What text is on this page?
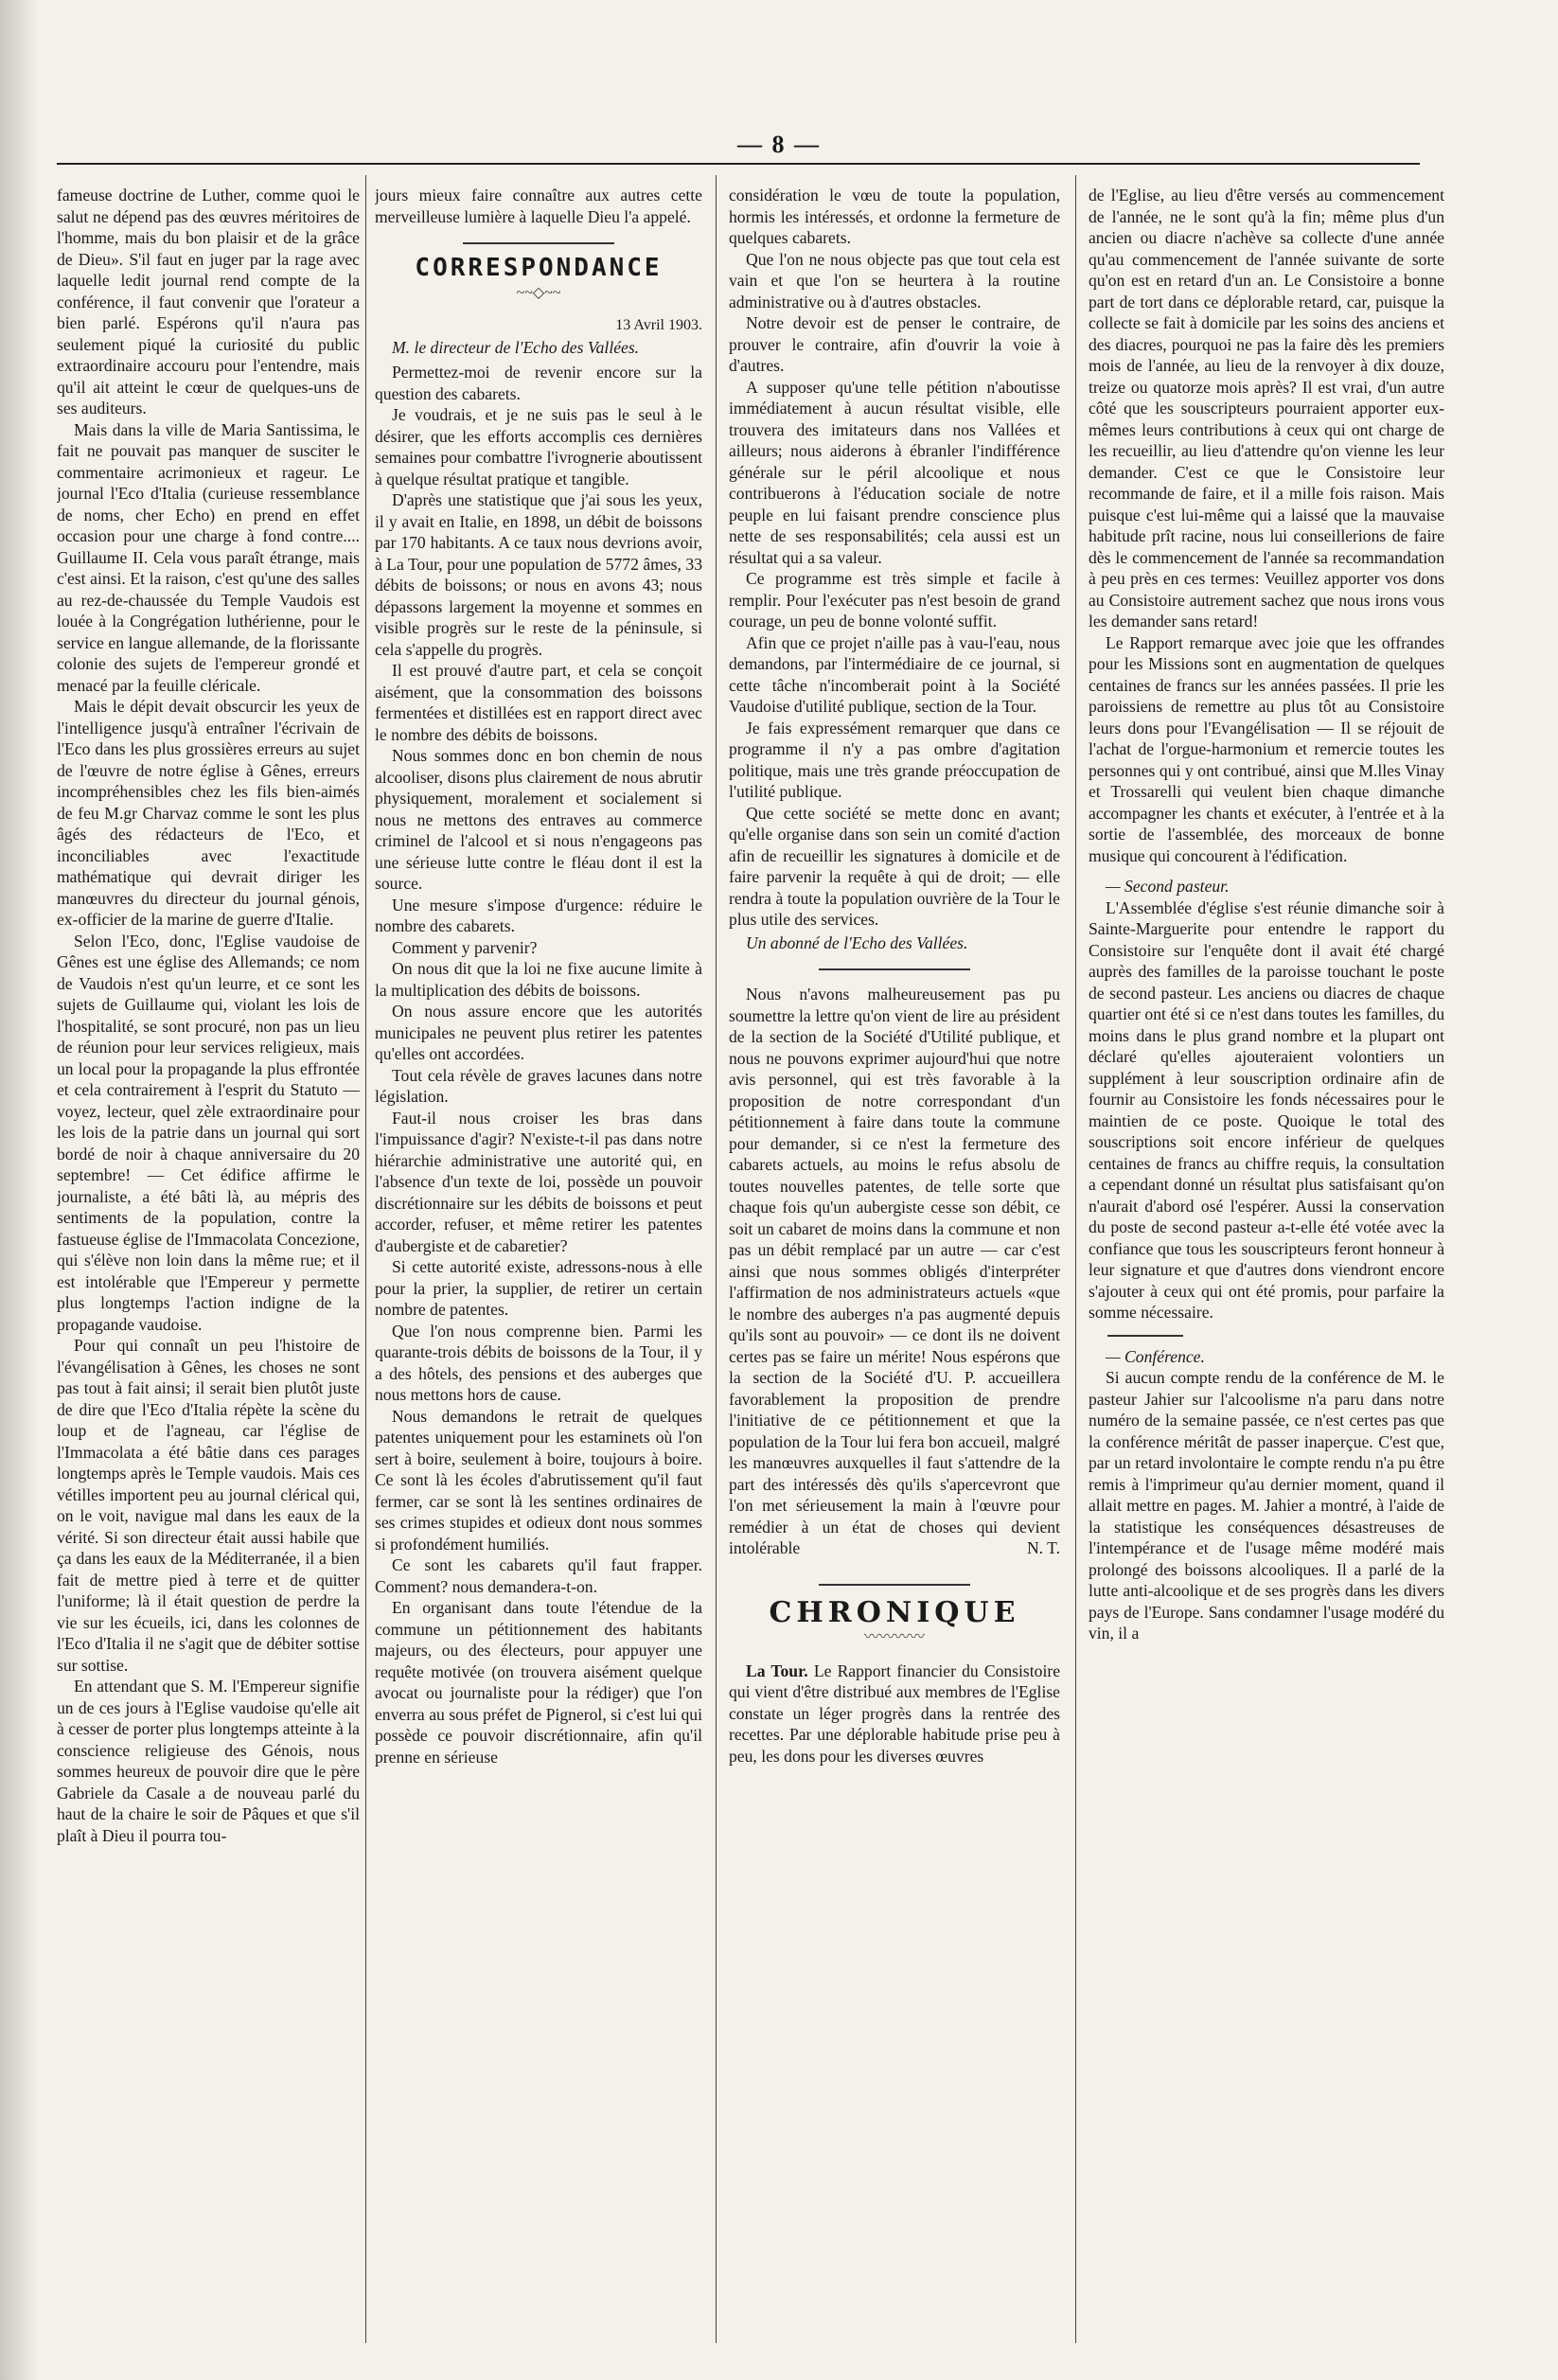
— 8 —

fameuse doctrine de Luther, comme quoi le salut ne dépend pas des œuvres méritoires de l'homme, mais du bon plaisir et de la grâce de Dieu». S'il faut en juger par la rage avec laquelle ledit journal rend compte de la conférence, il faut convenir que l'orateur a bien parlé. Espérons qu'il n'aura pas seulement piqué la curiosité du public extraordinaire accouru pour l'entendre, mais qu'il ait atteint le cœur de quelques-uns de ses auditeurs.

Mais dans la ville de Maria Santissima, le fait ne pouvait pas manquer de susciter le commentaire acrimonieux et rageur. Le journal l'Eco d'Italia (curieuse ressemblance de noms, cher Echo) en prend en effet occasion pour une charge à fond contre.... Guillaume II. Cela vous paraît étrange, mais c'est ainsi. Et la raison, c'est qu'une des salles au rez-de-chaussée du Temple Vaudois est louée à la Congrégation luthérienne, pour le service en langue allemande, de la florissante colonie des sujets de l'empereur grondé et menacé par la feuille cléricale.

Mais le dépit devait obscurcir les yeux de l'intelligence jusqu'à entraîner l'écrivain de l'Eco dans les plus grossières erreurs au sujet de l'œuvre de notre église à Gênes, erreurs incompréhensibles chez les fils bien-aimés de feu M.gr Charvaz comme le sont les plus âgés des rédacteurs de l'Eco, et inconciliables avec l'exactitude mathématique qui devrait diriger les manœuvres du directeur du journal génois, ex-officier de la marine de guerre d'Italie.

Selon l'Eco, donc, l'Eglise vaudoise de Gênes est une église des Allemands; ce nom de Vaudois n'est qu'un leurre, et ce sont les sujets de Guillaume qui, violant les lois de l'hospitalité, se sont procuré, non pas un lieu de réunion pour leur services religieux, mais un local pour la propagande la plus effrontée et cela contrairement à l'esprit du Statuto — voyez, lecteur, quel zèle extraordinaire pour les lois de la patrie dans un journal qui sort bordé de noir à chaque anniversaire du 20 septembre! — Cet édifice affirme le journaliste, a été bâti là, au mépris des sentiments de la population, contre la fastueuse église de l'Immacolata Concezione, qui s'élève non loin dans la même rue; et il est intolérable que l'Empereur y permette plus longtemps l'action indigne de la propagande vaudoise.

Pour qui connaît un peu l'histoire de l'évangélisation à Gênes, les choses ne sont pas tout à fait ainsi; il serait bien plutôt juste de dire que l'Eco d'Italia répète la scène du loup et de l'agneau, car l'église de l'Immacolata a été bâtie dans ces parages longtemps après le Temple vaudois. Mais ces vétilles importent peu au journal clérical qui, on le voit, navigue mal dans les eaux de la vérité. Si son directeur était aussi habile que ça dans les eaux de la Méditerranée, il a bien fait de mettre pied à terre et de quitter l'uniforme; là il était question de perdre la vie sur les écueils, ici, dans les colonnes de l'Eco d'Italia il ne s'agit que de débiter sottise sur sottise.

En attendant que S. M. l'Empereur signifie un de ces jours à l'Eglise vaudoise qu'elle ait à cesser de porter plus longtemps atteinte à la conscience religieuse des Génois, nous sommes heureux de pouvoir dire que le père Gabriele da Casale a de nouveau parlé du haut de la chaire le soir de Pâques et que s'il plaît à Dieu il pourra tou-

jours mieux faire connaître aux autres cette merveilleuse lumière à laquelle Dieu l'a appelé.

CORRESPONDANCE
~~◇~~

13 Avril 1903.

M. le directeur de l'Echo des Vallées.

Permettez-moi de revenir encore sur la question des cabarets.

Je voudrais, et je ne suis pas le seul à le désirer, que les efforts accomplis ces dernières semaines pour combattre l'ivrognerie aboutissent à quelque résultat pratique et tangible.

D'après une statistique que j'ai sous les yeux, il y avait en Italie, en 1898, un débit de boissons par 170 habitants. A ce taux nous devrions avoir, à La Tour, pour une population de 5772 âmes, 33 débits de boissons; or nous en avons 43; nous dépassons largement la moyenne et sommes en visible progrès sur le reste de la péninsule, si cela s'appelle du progrès.

Il est prouvé d'autre part, et cela se conçoit aisément, que la consommation des boissons fermentées et distillées est en rapport direct avec le nombre des débits de boissons.

Nous sommes donc en bon chemin de nous alcooliser, disons plus clairement de nous abrutir physiquement, moralement et socialement si nous ne mettons des entraves au commerce criminel de l'alcool et si nous n'engageons pas une sérieuse lutte contre le fléau dont il est la source.

Une mesure s'impose d'urgence: réduire le nombre des cabarets.

Comment y parvenir?

On nous dit que la loi ne fixe aucune limite à la multiplication des débits de boissons.

On nous assure encore que les autorités municipales ne peuvent plus retirer les patentes qu'elles ont accordées.

Tout cela révèle de graves lacunes dans notre législation.

Faut-il nous croiser les bras dans l'impuissance d'agir? N'existe-t-il pas dans notre hiérarchie administrative une autorité qui, en l'absence d'un texte de loi, possède un pouvoir discrétionnaire sur les débits de boissons et peut accorder, refuser, et même retirer les patentes d'aubergiste et de cabaretier?

Si cette autorité existe, adressons-nous à elle pour la prier, la supplier, de retirer un certain nombre de patentes.

Que l'on nous comprenne bien. Parmi les quarante-trois débits de boissons de la Tour, il y a des hôtels, des pensions et des auberges que nous mettons hors de cause.

Nous demandons le retrait de quelques patentes uniquement pour les estaminets où l'on sert à boire, seulement à boire, toujours à boire. Ce sont là les écoles d'abrutissement qu'il faut fermer, car se sont là les sentines ordinaires de ses crimes stupides et odieux dont nous sommes si profondément humiliés.

Ce sont les cabarets qu'il faut frapper. Comment? nous demandera-t-on.

En organisant dans toute l'étendue de la commune un pétitionnement des habitants majeurs, ou des électeurs, pour appuyer une requête motivée (on trouvera aisément quelque avocat ou journaliste pour la rédiger) que l'on enverra au sous préfet de Pignerol, si c'est lui qui possède ce pouvoir discrétionnaire, afin qu'il prenne en sérieuse

considération le vœu de toute la population, hormis les intéressés, et ordonne la fermeture de quelques cabarets.

Que l'on ne nous objecte pas que tout cela est vain et que l'on se heurtera à la routine administrative ou à d'autres obstacles.

Notre devoir est de penser le contraire, de prouver le contraire, afin d'ouvrir la voie à d'autres.

A supposer qu'une telle pétition n'aboutisse immédiatement à aucun résultat visible, elle trouvera des imitateurs dans nos Vallées et ailleurs; nous aiderons à ébranler l'indifférence générale sur le péril alcoolique et nous contribuerons à l'éducation sociale de notre peuple en lui faisant prendre conscience plus nette de ses responsabilités; cela aussi est un résultat qui a sa valeur.

Ce programme est très simple et facile à remplir. Pour l'exécuter pas n'est besoin de grand courage, un peu de bonne volonté suffit.

Afin que ce projet n'aille pas à vau-l'eau, nous demandons, par l'intermédiaire de ce journal, si cette tâche n'incomberait point à la Société Vaudoise d'utilité publique, section de la Tour.

Je fais expressément remarquer que dans ce programme il n'y a pas ombre d'agitation politique, mais une très grande préoccupation de l'utilité publique.

Que cette société se mette donc en avant; qu'elle organise dans son sein un comité d'action afin de recueillir les signatures à domicile et de faire parvenir la requête à qui de droit; — elle rendra à toute la population ouvrière de la Tour le plus utile des services.

Un abonné de l'Echo des Vallées.

Nous n'avons malheureusement pas pu soumettre la lettre qu'on vient de lire au président de la section de la Société d'Utilité publique, et nous ne pouvons exprimer aujourd'hui que notre avis personnel, qui est très favorable à la proposition de notre correspondant d'un pétitionnement à faire dans toute la commune pour demander, si ce n'est la fermeture des cabarets actuels, au moins le refus absolu de toutes nouvelles patentes, de telle sorte que chaque fois qu'un aubergiste cesse son débit, ce soit un cabaret de moins dans la commune et non pas un débit remplacé par un autre — car c'est ainsi que nous sommes obligés d'interpréter l'affirmation de nos administrateurs actuels «que le nombre des auberges n'a pas augmenté depuis qu'ils sont au pouvoir» — ce dont ils ne doivent certes pas se faire un mérite! Nous espérons que la section de la Société d'U. P. accueillera favorablement la proposition de prendre l'initiative de ce pétitionnement et que la population de la Tour lui fera bon accueil, malgré les manœuvres auxquelles il faut s'attendre de la part des intéressés dès qu'ils s'apercevront que l'on met sérieusement la main à l'œuvre pour remédier à un état de choses qui devient intolérable	N. T.

CHRONIQUE
〰〰〰〰

La Tour. Le Rapport financier du Consistoire qui vient d'être distribué aux membres de l'Eglise constate un léger progrès dans la rentrée des recettes. Par une déplorable habitude prise peu à peu, les dons pour les diverses œuvres

de l'Eglise, au lieu d'être versés au commencement de l'année, ne le sont qu'à la fin; même plus d'un ancien ou diacre n'achève sa collecte d'une année qu'au commencement de l'année suivante de sorte qu'on est en retard d'un an. Le Consistoire a bonne part de tort dans ce déplorable retard, car, puisque la collecte se fait à domicile par les soins des anciens et des diacres, pourquoi ne pas la faire dès les premiers mois de l'année, au lieu de la renvoyer à dix douze, treize ou quatorze mois après? Il est vrai, d'un autre côté que les souscripteurs pourraient apporter eux-mêmes leurs contributions à ceux qui ont charge de les recueillir, au lieu d'attendre qu'on vienne les leur demander. C'est ce que le Consistoire leur recommande de faire, et il a mille fois raison. Mais puisque c'est lui-même qui a laissé que la mauvaise habitude prît racine, nous lui conseillerions de faire dès le commencement de l'année sa recommandation à peu près en ces termes: Veuillez apporter vos dons au Consistoire autrement sachez que nous irons vous les demander sans retard!

Le Rapport remarque avec joie que les offrandes pour les Missions sont en augmentation de quelques centaines de francs sur les années passées. Il prie les paroissiens de remettre au plus tôt au Consistoire leurs dons pour l'Evangélisation — Il se réjouit de l'achat de l'orgue-harmonium et remercie toutes les personnes qui y ont contribué, ainsi que M.lles Vinay et Trossarelli qui veulent bien chaque dimanche accompagner les chants et exécuter, à l'entrée et à la sortie de l'assemblée, des morceaux de bonne musique qui concourent à l'édification.

— Second pasteur.

L'Assemblée d'église s'est réunie dimanche soir à Sainte-Marguerite pour entendre le rapport du Consistoire sur l'enquête dont il avait été chargé auprès des familles de la paroisse touchant le poste de second pasteur. Les anciens ou diacres de chaque quartier ont été si ce n'est dans toutes les familles, du moins dans le plus grand nombre et la plupart ont déclaré qu'elles ajouteraient volontiers un supplément à leur souscription ordinaire afin de fournir au Consistoire les fonds nécessaires pour le maintien de ce poste. Quoique le total des souscriptions soit encore inférieur de quelques centaines de francs au chiffre requis, la consultation a cependant donné un résultat plus satisfaisant qu'on n'aurait d'abord osé l'espérer. Aussi la conservation du poste de second pasteur a-t-elle été votée avec la confiance que tous les souscripteurs feront honneur à leur signature et que d'autres dons viendront encore s'ajouter à ceux qui ont été promis, pour parfaire la somme nécessaire.

— Conférence.

Si aucun compte rendu de la conférence de M. le pasteur Jahier sur l'alcoolisme n'a paru dans notre numéro de la semaine passée, ce n'est certes pas que la conférence méritât de passer inaperçue. C'est que, par un retard involontaire le compte rendu n'a pu être remis à l'imprimeur qu'au dernier moment, quand il allait mettre en pages. M. Jahier a montré, à l'aide de la statistique les conséquences désastreuses de l'intempérance et de l'usage même modéré mais prolongé des boissons alcooliques. Il a parlé de la lutte anti-alcoolique et de ses progrès dans les divers pays de l'Europe. Sans condamner l'usage modéré du vin, il a
